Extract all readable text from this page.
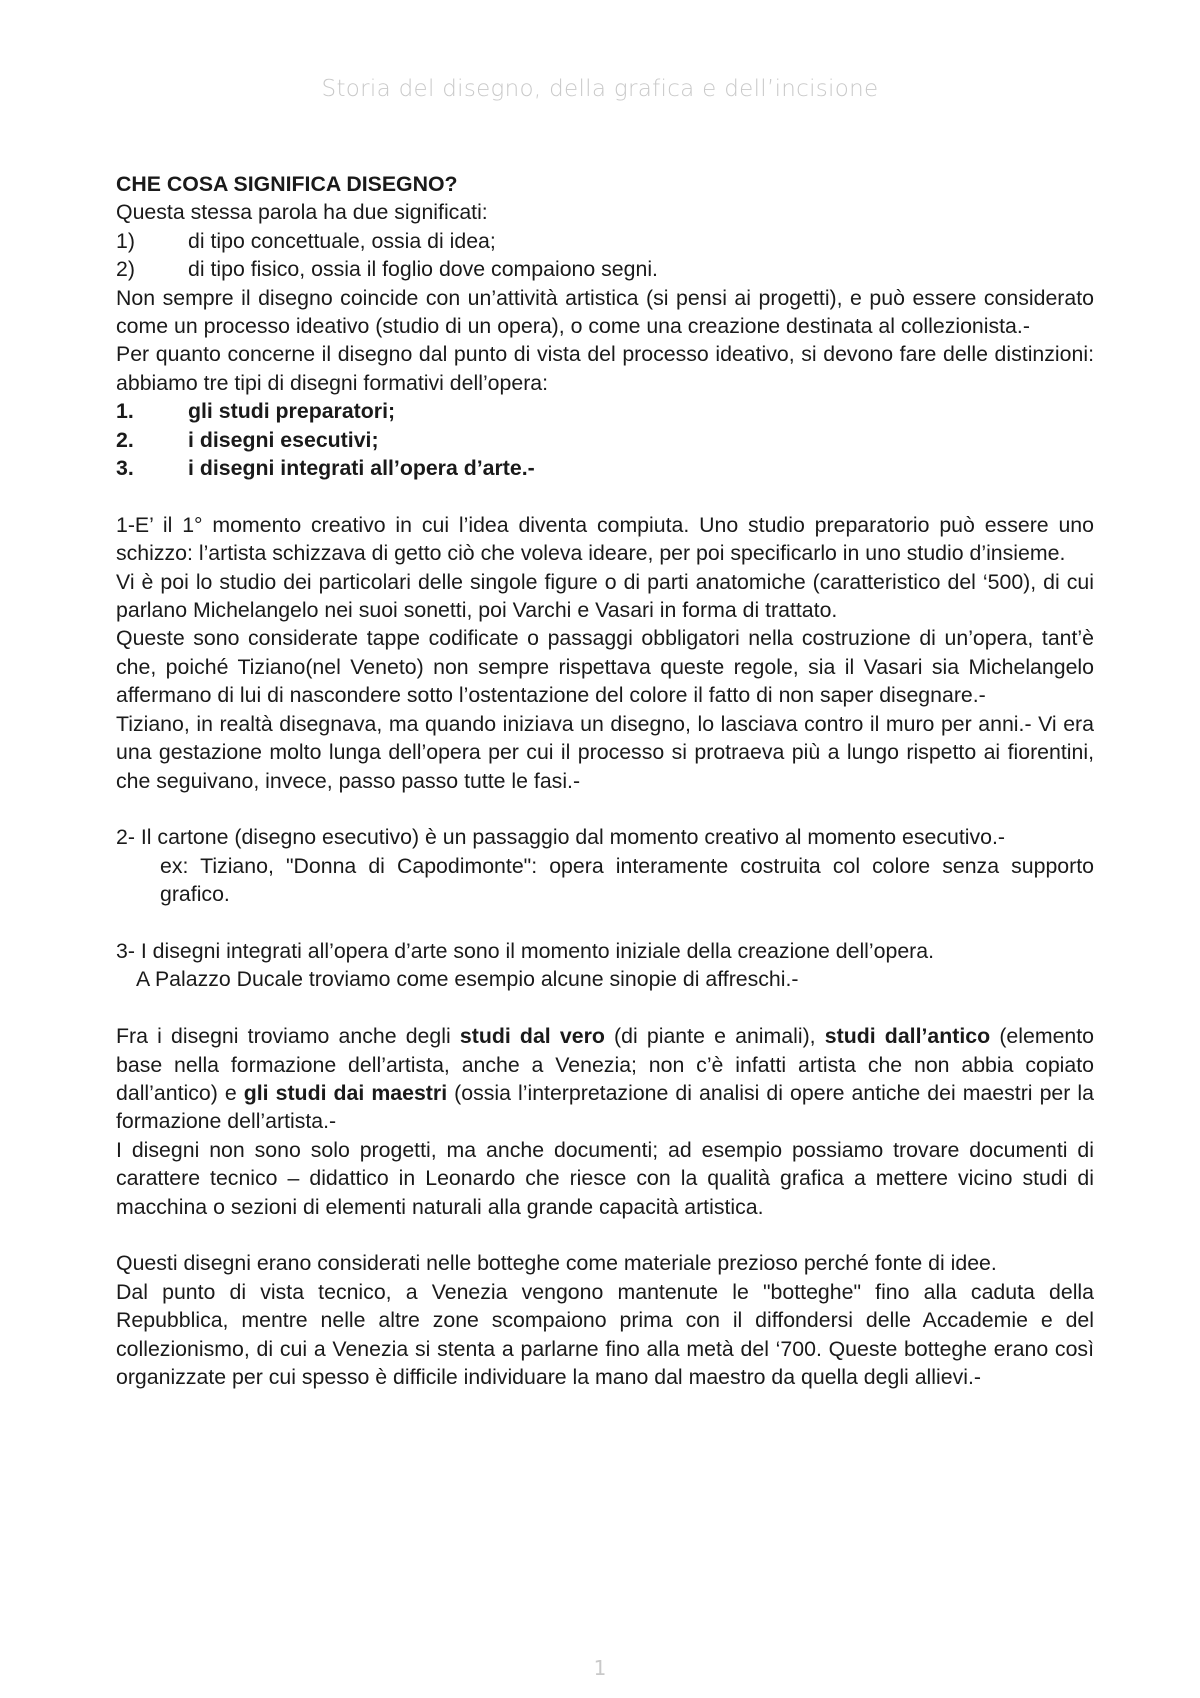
Storia del disegno, della grafica e dell’incisione

CHE COSA SIGNIFICA DISEGNO?

Questa stessa parola ha due significati:

1)	di tipo concettuale, ossia di idea;
2)	di tipo fisico, ossia il foglio dove compaiono segni.

Non sempre il disegno coincide con un’attività artistica (si pensi ai progetti), e può essere considerato come un processo ideativo (studio di un opera), o come una creazione destinata al collezionista.-

Per quanto concerne il disegno dal punto di vista del processo ideativo, si devono fare delle distinzioni: abbiamo tre tipi di disegni formativi dell’opera:

1.	gli studi preparatori;
2.	i disegni esecutivi;
3.	i disegni integrati all’opera d’arte.-

1-E’ il 1° momento creativo in cui l’idea diventa compiuta. Uno studio preparatorio può essere uno schizzo: l’artista schizzava di getto ciò che voleva ideare, per poi specificarlo in uno studio d’insieme.

Vi è poi lo studio dei particolari delle singole figure o di parti anatomiche (caratteristico del ‘500), di cui parlano Michelangelo nei suoi sonetti, poi Varchi e Vasari in forma di trattato.

Queste sono considerate tappe codificate o passaggi obbligatori nella costruzione di un’opera, tant’è che, poiché Tiziano(nel Veneto) non sempre rispettava queste regole, sia il Vasari sia Michelangelo affermano di lui di nascondere sotto l’ostentazione del colore il fatto di non saper disegnare.-

Tiziano, in realtà disegnava, ma quando iniziava un disegno, lo lasciava contro il muro per anni.- Vi era una gestazione molto lunga dell’opera per cui il processo si protraeva più a lungo rispetto ai fiorentini, che seguivano, invece, passo passo tutte le fasi.-

2- Il cartone (disegno esecutivo) è un passaggio dal momento creativo al momento esecutivo.-

ex: Tiziano, "Donna di Capodimonte": opera interamente costruita col colore senza supporto grafico.

3- I disegni integrati all’opera d’arte sono il momento iniziale della creazione dell’opera.

A Palazzo Ducale troviamo come esempio alcune sinopie di affreschi.-

Fra i disegni troviamo anche degli studi dal vero (di piante e animali), studi dall’antico (elemento base nella formazione dell’artista, anche a Venezia; non c’è infatti artista che non abbia copiato dall’antico) e gli studi dai maestri (ossia l’interpretazione di analisi di opere antiche dei maestri per la formazione dell’artista.-

I disegni non sono solo progetti, ma anche documenti; ad esempio possiamo trovare documenti di carattere tecnico – didattico in Leonardo che riesce con la qualità grafica a mettere vicino studi di macchina o sezioni di elementi naturali alla grande capacità artistica.

Questi disegni erano considerati nelle botteghe come materiale prezioso perché fonte di idee.

Dal punto di vista tecnico, a Venezia vengono mantenute le "botteghe" fino alla caduta della Repubblica, mentre nelle altre zone scompaiono prima con il diffondersi delle Accademie e del collezionismo, di cui a Venezia si stenta a parlarne fino alla metà del ‘700. Queste botteghe erano così organizzate per cui spesso è difficile individuare la mano dal maestro da quella degli allievi.-

1
